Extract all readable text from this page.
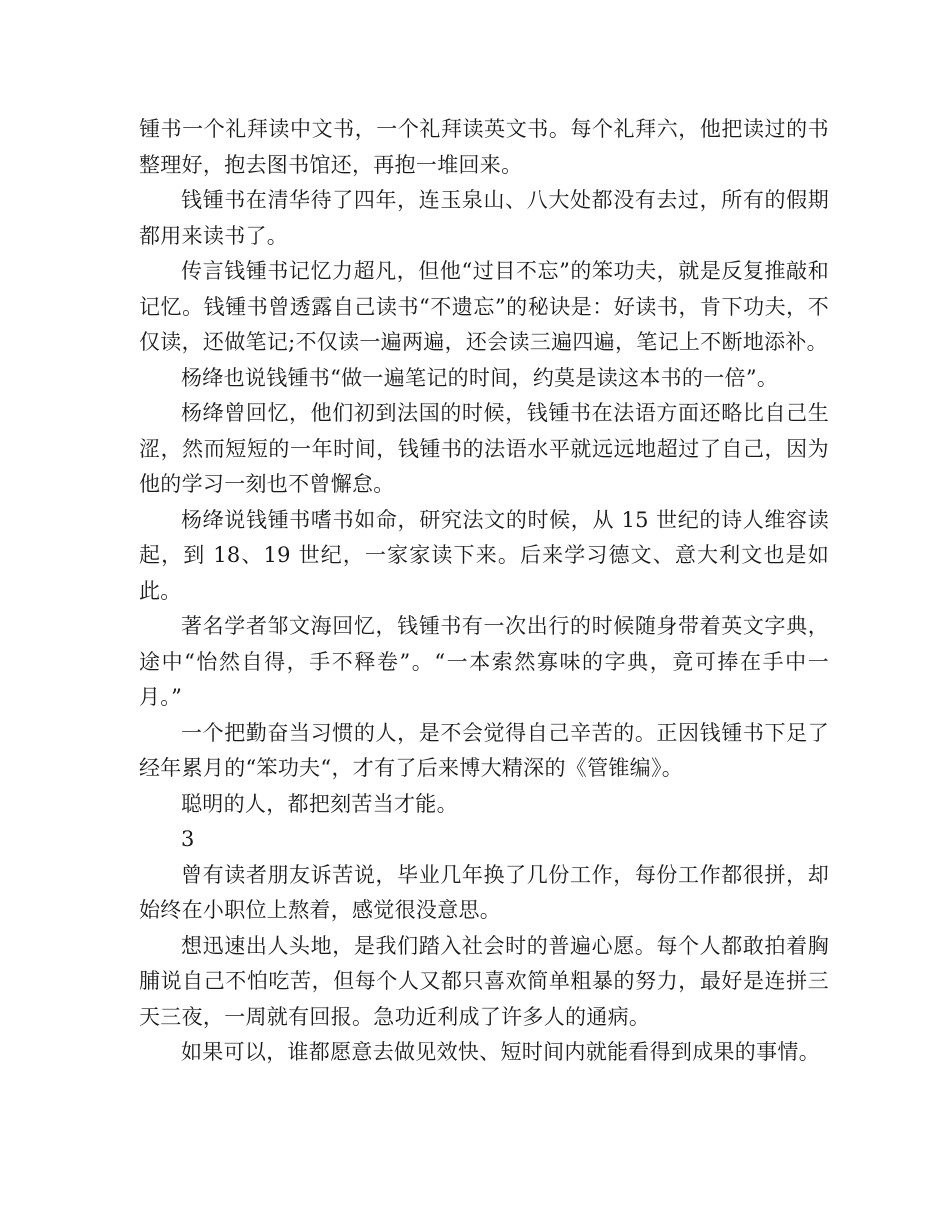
锺书一个礼拜读中文书，一个礼拜读英文书。每个礼拜六，他把读过的书整理好，抱去图书馆还，再抱一堆回来。

钱锺书在清华待了四年，连玉泉山、八大处都没有去过，所有的假期都用来读书了。

传言钱锺书记忆力超凡，但他“过目不忘”的笨功夫，就是反复推敲和记忆。钱锺书曾透露自己读书“不遗忘”的秘诀是：好读书，肯下功夫，不仅读，还做笔记;不仅读一遍两遍，还会读三遍四遍，笔记上不断地添补。

杨绛也说钱锺书“做一遍笔记的时间，约莫是读这本书的一倍”。

杨绛曾回忆，他们初到法国的时候，钱锺书在法语方面还略比自己生涩，然而短短的一年时间，钱锺书的法语水平就远远地超过了自己，因为他的学习一刻也不曾懈怠。

杨绛说钱锺书嗜书如命，研究法文的时候，从 15 世纪的诗人维容读起，到 18、19 世纪，一家家读下来。后来学习德文、意大利文也是如此。

著名学者邹文海回忆，钱锺书有一次出行的时候随身带着英文字典，途中“怡然自得，手不释卷”。“一本索然寡味的字典，竟可捧在手中一月。”

一个把勤奋当习惯的人，是不会觉得自己辛苦的。正因钱锺书下足了经年累月的“笨功夫“，才有了后来博大精深的《管锥编》。

聪明的人，都把刻苦当才能。

3

曾有读者朋友诉苦说，毕业几年换了几份工作，每份工作都很拼，却始终在小职位上熬着，感觉很没意思。

想迅速出人头地，是我们踏入社会时的普遍心愿。每个人都敢拍着胸脯说自己不怕吃苦，但每个人又都只喜欢简单粗暴的努力，最好是连拼三天三夜，一周就有回报。急功近利成了许多人的通病。

如果可以，谁都愿意去做见效快、短时间内就能看得到成果的事情。
